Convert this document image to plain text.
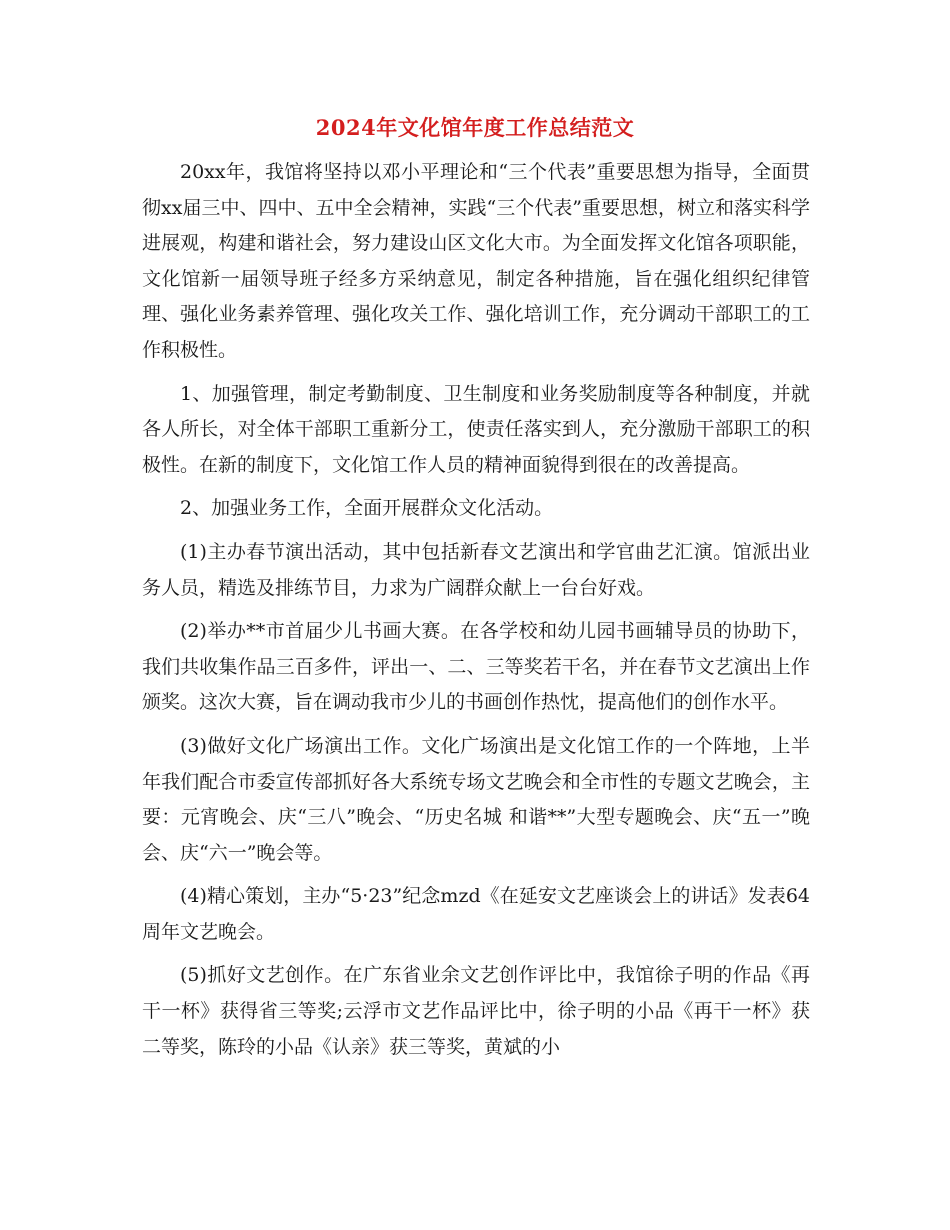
2024年文化馆年度工作总结范文

20xx年，我馆将坚持以邓小平理论和“三个代表”重要思想为指导，全面贯彻xx届三中、四中、五中全会精神，实践“三个代表”重要思想，树立和落实科学进展观，构建和谐社会，努力建设山区文化大市。为全面发挥文化馆各项职能，文化馆新一届领导班子经多方采纳意见，制定各种措施，旨在强化组织纪律管理、强化业务素养管理、强化攻关工作、强化培训工作，充分调动干部职工的工作积极性。

1、加强管理，制定考勤制度、卫生制度和业务奖励制度等各种制度，并就各人所长，对全体干部职工重新分工，使责任落实到人，充分激励干部职工的积极性。在新的制度下，文化馆工作人员的精神面貌得到很在的改善提高。

2、加强业务工作，全面开展群众文化活动。

(1)主办春节演出活动，其中包括新春文艺演出和学官曲艺汇演。馆派出业务人员，精选及排练节目，力求为广阔群众献上一台台好戏。

(2)举办**市首届少儿书画大赛。在各学校和幼儿园书画辅导员的协助下，我们共收集作品三百多件，评出一、二、三等奖若干名，并在春节文艺演出上作颁奖。这次大赛，旨在调动我市少儿的书画创作热忱，提高他们的创作水平。

(3)做好文化广场演出工作。文化广场演出是文化馆工作的一个阵地，上半年我们配合市委宣传部抓好各大系统专场文艺晚会和全市性的专题文艺晚会，主要：元宵晚会、庆“三八”晚会、“历史名城 和谐**”大型专题晚会、庆“五一”晚会、庆“六一”晚会等。

(4)精心策划，主办“5·23”纪念mzd《在延安文艺座谈会上的讲话》发表64周年文艺晚会。

(5)抓好文艺创作。在广东省业余文艺创作评比中，我馆徐子明的作品《再干一杯》获得省三等奖;云浮市文艺作品评比中，徐子明的小品《再干一杯》获二等奖，陈玲的小品《认亲》获三等奖，黄斌的小
